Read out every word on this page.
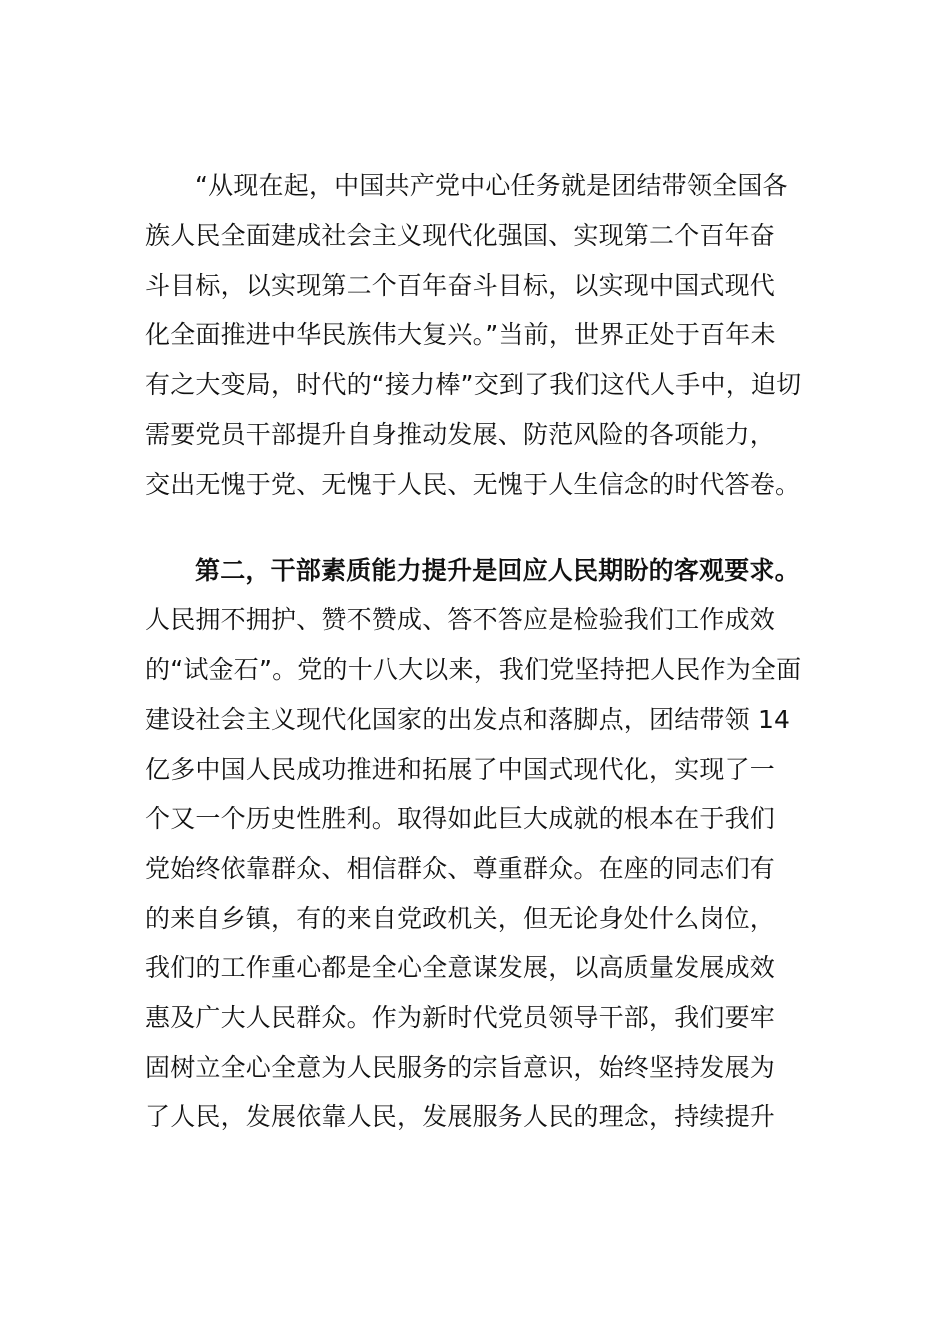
“从现在起，中国共产党中心任务就是团结带领全国各
族人民全面建成社会主义现代化强国、实现第二个百年奋
斗目标，以实现第二个百年奋斗目标，以实现中国式现代
化全面推进中华民族伟大复兴。”当前，世界正处于百年未
有之大变局，时代的“接力棒”交到了我们这代人手中，迫切
需要党员干部提升自身推动发展、防范风险的各项能力，
交出无愧于党、无愧于人民、无愧于人生信念的时代答卷。
第二，干部素质能力提升是回应人民期盼的客观要求。
人民拥不拥护、赞不赞成、答不答应是检验我们工作成效
的“试金石”。党的十八大以来，我们党坚持把人民作为全面
建设社会主义现代化国家的出发点和落脚点，团结带领 14
亿多中国人民成功推进和拓展了中国式现代化，实现了一
个又一个历史性胜利。取得如此巨大成就的根本在于我们
党始终依靠群众、相信群众、尊重群众。在座的同志们有
的来自乡镇，有的来自党政机关，但无论身处什么岗位，
我们的工作重心都是全心全意谋发展，以高质量发展成效
惠及广大人民群众。作为新时代党员领导干部，我们要牢
固树立全心全意为人民服务的宗旨意识，始终坚持发展为
了人民，发展依靠人民，发展服务人民的理念，持续提升
